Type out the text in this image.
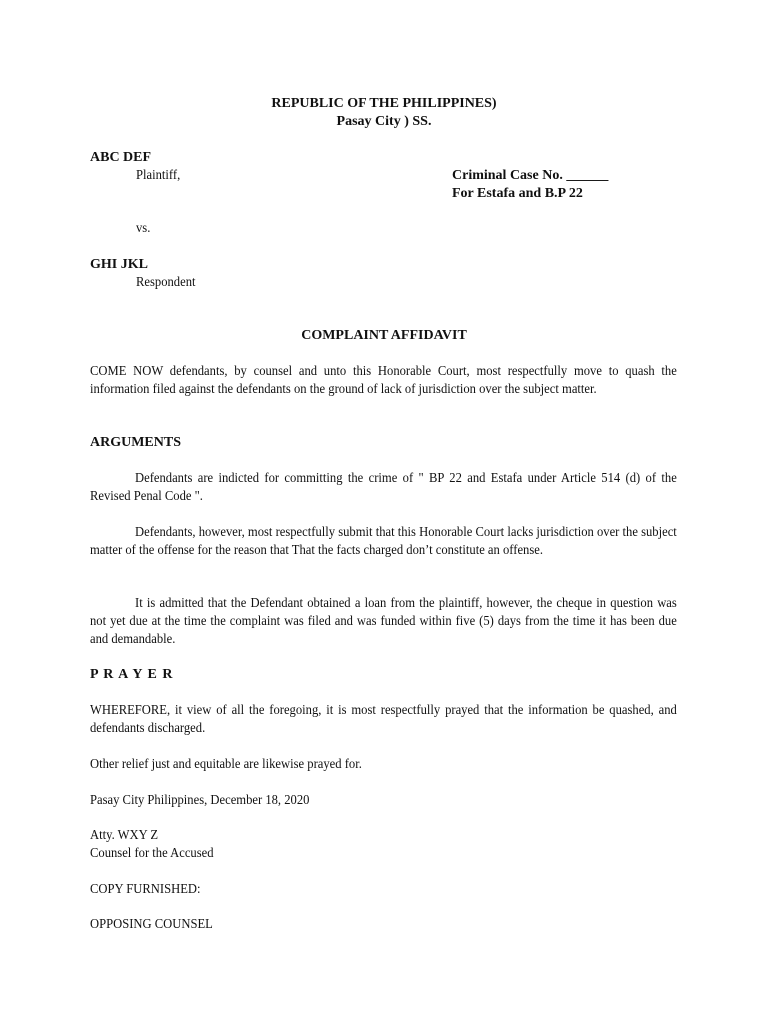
REPUBLIC OF THE PHILIPPINES)
Pasay City ) SS.
ABC DEF
Plaintiff,	Criminal Case No. ______
For Estafa and B.P 22
vs.
GHI JKL
Respondent
COMPLAINT AFFIDAVIT
COME NOW defendants, by counsel and unto this Honorable Court, most respectfully move to quash the information filed against the defendants on the ground of lack of jurisdiction over the subject matter.
ARGUMENTS
Defendants are indicted for committing the crime of " BP 22 and Estafa under Article 514 (d) of the Revised Penal Code ".
Defendants, however, most respectfully submit that this Honorable Court lacks jurisdiction over the subject matter of the offense for the reason that That the facts charged don’t constitute an offense.
It is admitted that the Defendant obtained a loan from the plaintiff, however, the cheque in question was not yet due at the time the complaint was filed and was funded within five (5) days from the time it has been due and demandable.
P R A Y E R
WHEREFORE, it view of all the foregoing, it is most respectfully prayed that the information be quashed, and defendants discharged.
Other relief just and equitable are likewise prayed for.
Pasay City Philippines, December 18, 2020
Atty. WXY Z
Counsel for the Accused
COPY FURNISHED:
OPPOSING COUNSEL
